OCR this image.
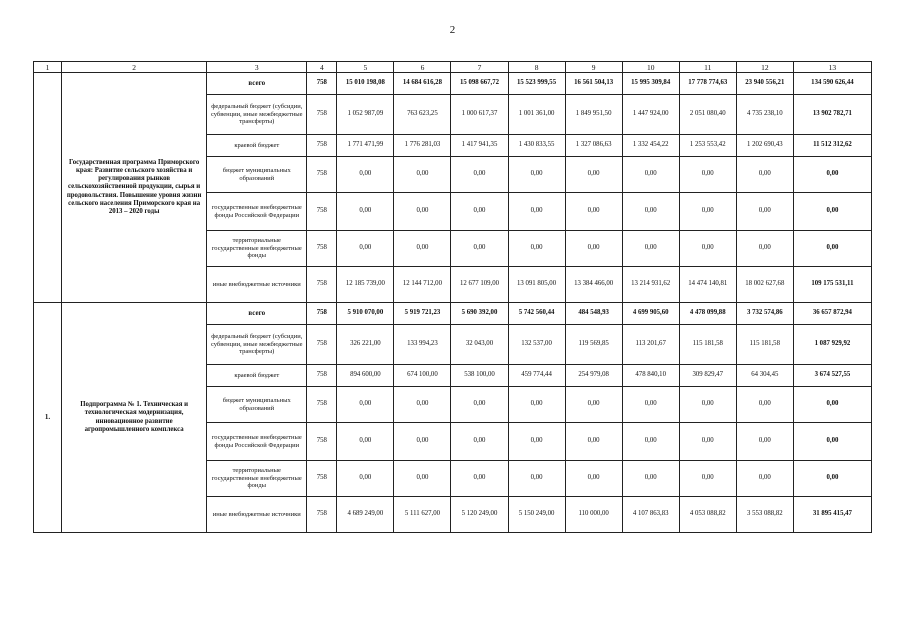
2
1	2	3	4	5	6	7	8	9	10	11	12	13
	Государственная программа Приморского края: Развитие сельского хозяйства и регулирования рынков сельскохозяйственной продукции, сырья и продовольствия. Повышение уровня жизни сельского населения Приморского края на 2013 – 2020 годы	всего	758	15 010 198,08	14 684 616,28	15 098 667,72	15 523 999,55	16 561 504,13	15 995 309,84	17 778 774,63	23 940 556,21	134 590 626,44
		федеральный бюджет (субсидии, субвенции, иные межбюджетные трансферты)	758	1 052 987,09	763 623,25	1 000 617,37	1 001 361,00	1 849 951,50	1 447 924,00	2 051 080,40	4 735 238,10	13 902 782,71
		краевой бюджет	758	1 771 471,99	1 776 281,03	1 417 941,35	1 430 833,55	1 327 086,63	1 332 454,22	1 253 553,42	1 202 690,43	11 512 312,62
		бюджет муниципальных образований	758	0,00	0,00	0,00	0,00	0,00	0,00	0,00	0,00	0,00
		государственные внебюджетные фонды Российской Федерации	758	0,00	0,00	0,00	0,00	0,00	0,00	0,00	0,00	0,00
		территориальные государственные внебюджетные фонды	758	0,00	0,00	0,00	0,00	0,00	0,00	0,00	0,00	0,00
		иные внебюджетные источники	758	12 185 739,00	12 144 712,00	12 677 109,00	13 091 805,00	13 384 466,00	13 214 931,62	14 474 140,81	18 002 627,68	109 175 531,11
1.	Подпрограмма № 1. Техническая и технологическая модернизация, инновационное развитие агропромышленного комплекса	всего	758	5 910 070,00	5 919 721,23	5 690 392,00	5 742 560,44	484 548,93	4 699 905,60	4 478 099,88	3 732 574,86	36 657 872,94
		федеральный бюджет (субсидии, субвенции, иные межбюджетные трансферты)	758	326 221,00	133 994,23	32 043,00	132 537,00	119 569,85	113 201,67	115 181,58	115 181,58	1 087 929,92
		краевой бюджет	758	894 600,00	674 100,00	538 100,00	459 774,44	254 979,08	478 840,10	309 829,47	64 304,45	3 674 527,55
		бюджет муниципальных образований	758	0,00	0,00	0,00	0,00	0,00	0,00	0,00	0,00	0,00
		государственные внебюджетные фонды Российской Федерации	758	0,00	0,00	0,00	0,00	0,00	0,00	0,00	0,00	0,00
		территориальные государственные внебюджетные фонды	758	0,00	0,00	0,00	0,00	0,00	0,00	0,00	0,00	0,00
		иные внебюджетные источники	758	4 689 249,00	5 111 627,00	5 120 249,00	5 150 249,00	110 000,00	4 107 863,83	4 053 088,82	3 553 088,82	31 895 415,47
